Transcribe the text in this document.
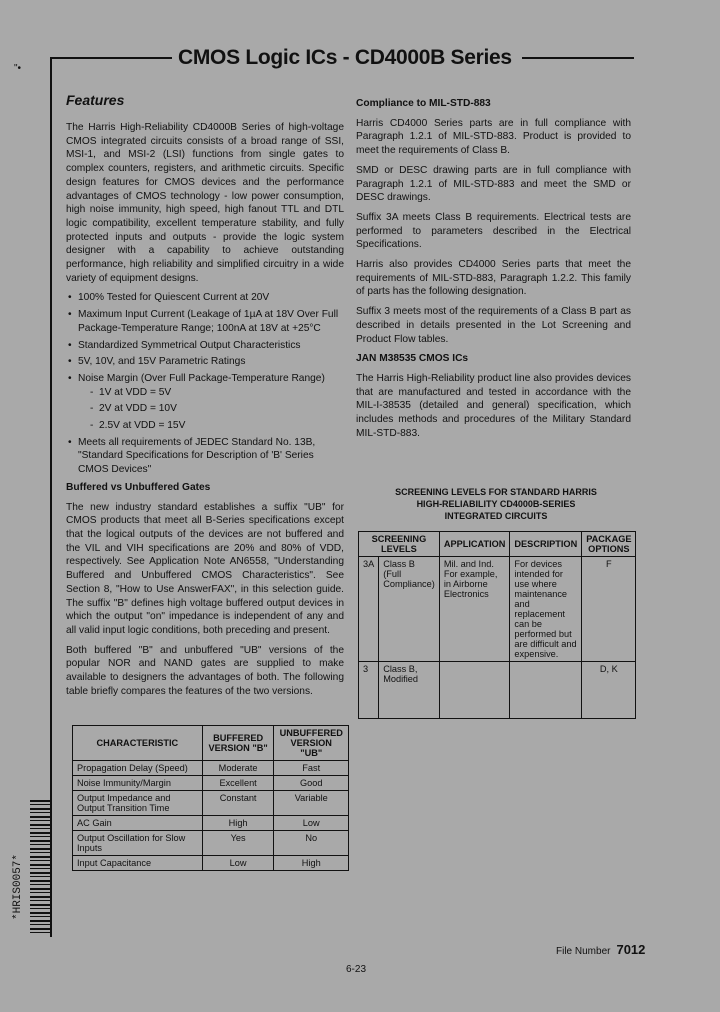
CMOS Logic ICs - CD4000B Series
"•
Features

The Harris High-Reliability CD4000B Series of high-voltage CMOS integrated circuits consists of a broad range of SSI, MSI-1, and MSI-2 (LSI) functions from single gates to complex counters, registers, and arithmetic circuits. Specific design features for CMOS devices and the performance advantages of CMOS technology - low power consumption, high noise immunity, high speed, high fanout TTL and DTL logic compatibility, excellent temperature stability, and fully protected inputs and outputs - provide the logic system designer with a capability to achieve outstanding performance, high reliability and simplified circuitry in a wide variety of equipment designs.

• 100% Tested for Quiescent Current at 20V
• Maximum Input Current (Leakage of 1µA at 18V Over Full Package-Temperature Range; 100nA at 18V at +25°C
• Standardized Symmetrical Output Characteristics
• 5V, 10V, and 15V Parametric Ratings
• Noise Margin (Over Full Package-Temperature Range)
- 1V at VDD = 5V
- 2V at VDD = 10V
- 2.5V at VDD = 15V
• Meets all requirements of JEDEC Standard No. 13B, "Standard Specifications for Description of 'B' Series CMOS Devices"
Buffered vs Unbuffered Gates

The new industry standard establishes a suffix "UB" for CMOS products that meet all B-Series specifications except that the logical outputs of the devices are not buffered and the VIL and VIH specifications are 20% and 80% of VDD, respectively. See Application Note AN6558, "Understanding Buffered and Unbuffered CMOS Characteristics". See Section 8, "How to Use AnswerFAX", in this selection guide. The suffix "B" defines high voltage buffered output devices in which the output "on" impedance is independent of any and all valid input logic conditions, both preceding and present.

Both buffered "B" and unbuffered "UB" versions of the popular NOR and NAND gates are supplied to make available to designers the advantages of both. The following table briefly compares the features of the two versions.

CHARACTERISTIC	BUFFERED VERSION "B"	UNBUFFERED VERSION "UB"
Propagation Delay (Speed)	Moderate	Fast
Noise Immunity/Margin	Excellent	Good
Output Impedance and Output Transition Time	Constant	Variable
AC Gain	High	Low
Output Oscillation for Slow Inputs	Yes	No
Input Capacitance	Low	High
Compliance to MIL-STD-883

Harris CD4000 Series parts are in full compliance with Paragraph 1.2.1 of MIL-STD-883. Product is provided to meet the requirements of Class B.

SMD or DESC drawing parts are in full compliance with Paragraph 1.2.1 of MIL-STD-883 and meet the SMD or DESC drawings.

Suffix 3A meets Class B requirements. Electrical tests are performed to parameters described in the Electrical Specifications.

Harris also provides CD4000 Series parts that meet the requirements of MIL-STD-883, Paragraph 1.2.2. This family of parts has the following designation.

Suffix 3 meets most of the requirements of a Class B part as described in details presented in the Lot Screening and Product Flow tables.

JAN M38535 CMOS ICs

The Harris High-Reliability product line also provides devices that are manufactured and tested in accordance with the MIL-I-38535 (detailed and general) specification, which includes methods and procedures of the Military Standard MIL-STD-883.

SCREENING LEVELS FOR STANDARD HARRIS
HIGH-RELIABILITY CD4000B-SERIES
INTEGRATED CIRCUITS
SCREENING LEVELS		APPLICATION	DESCRIPTION	PACKAGE OPTIONS
3A	Class B (Full Compliance)	Mil. and Ind. For example, in Airborne Electronics	For devices intended for use where maintenance and replacement can be performed but are difficult and expensive.	F
3	Class B, Modified			D, K
*HRIS0057*
File Number 7012
6-23
